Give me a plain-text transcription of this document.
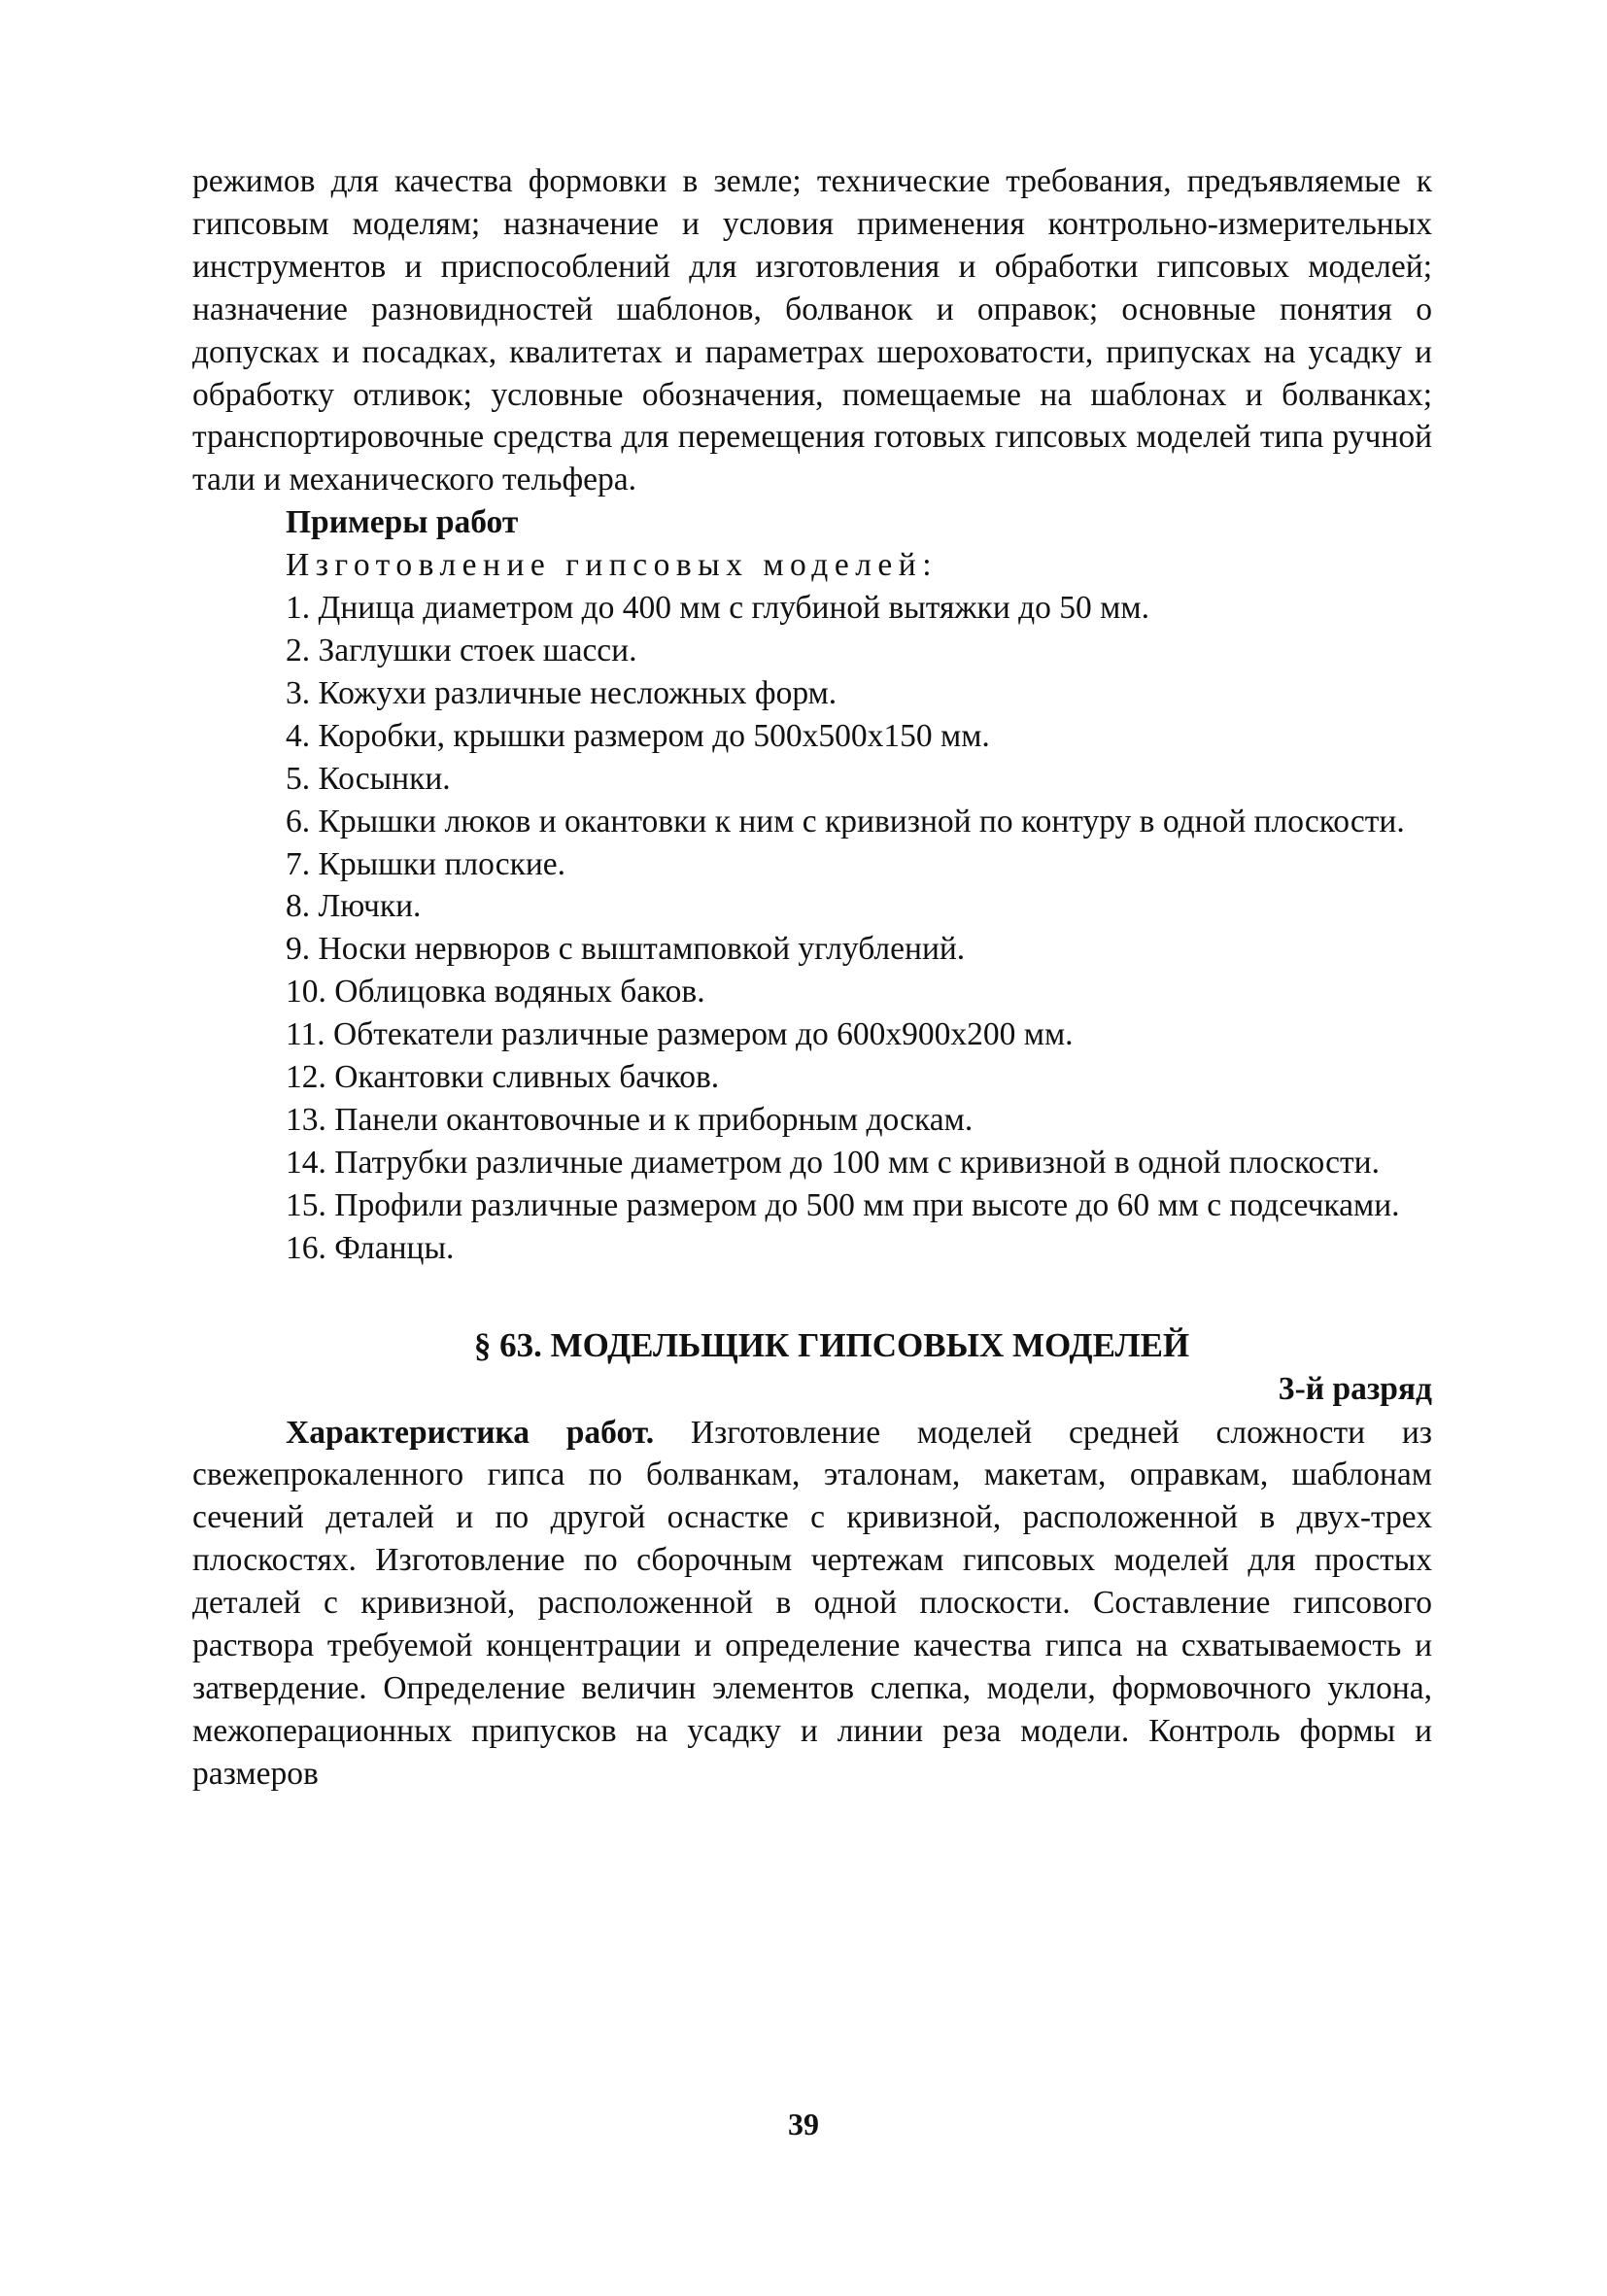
режимов для качества формовки в земле; технические требования, предъявляемые к гипсовым моделям; назначение и условия применения контрольно-измерительных инструментов и приспособлений для изготовления и обработки гипсовых моделей; назначение разновидностей шаблонов, болванок и оправок; основные понятия о допусках и посадках, квалитетах и параметрах шероховатости, припусках на усадку и обработку отливок; условные обозначения, помещаемые на шаблонах и болванках; транспортировочные средства для перемещения готовых гипсовых моделей типа ручной тали и механического тельфера.

Примеры работ

Изготовление гипсовых моделей:

1. Днища диаметром до 400 мм с глубиной вытяжки до 50 мм.

2. Заглушки стоек шасси.

3. Кожухи различные несложных форм.

4. Коробки, крышки размером до 500х500х150 мм.

5. Косынки.

6. Крышки люков и окантовки к ним с кривизной по контуру в одной плоскости.

7. Крышки плоские.

8. Лючки.

9. Носки нервюров с выштамповкой углублений.

10. Облицовка водяных баков.

11. Обтекатели различные размером до 600х900х200 мм.

12. Окантовки сливных бачков.

13. Панели окантовочные и к приборным доскам.

14. Патрубки различные диаметром до 100 мм с кривизной в одной плоскости.

15. Профили различные размером до 500 мм при высоте до 60 мм с подсечками.

16. Фланцы.

§ 63. МОДЕЛЬЩИК ГИПСОВЫХ МОДЕЛЕЙ
3-й разряд

Характеристика работ. Изготовление моделей средней сложности из свежепрокаленного гипса по болванкам, эталонам, макетам, оправкам, шаблонам сечений деталей и по другой оснастке с кривизной, расположенной в двух-трех плоскостях. Изготовление по сборочным чертежам гипсовых моделей для простых деталей с кривизной, расположенной в одной плоскости. Составление гипсового раствора требуемой концентрации и определение качества гипса на схватываемость и затвердение. Определение величин элементов слепка, модели, формовочного уклона, межоперационных припусков на усадку и линии реза модели. Контроль формы и размеров

39
